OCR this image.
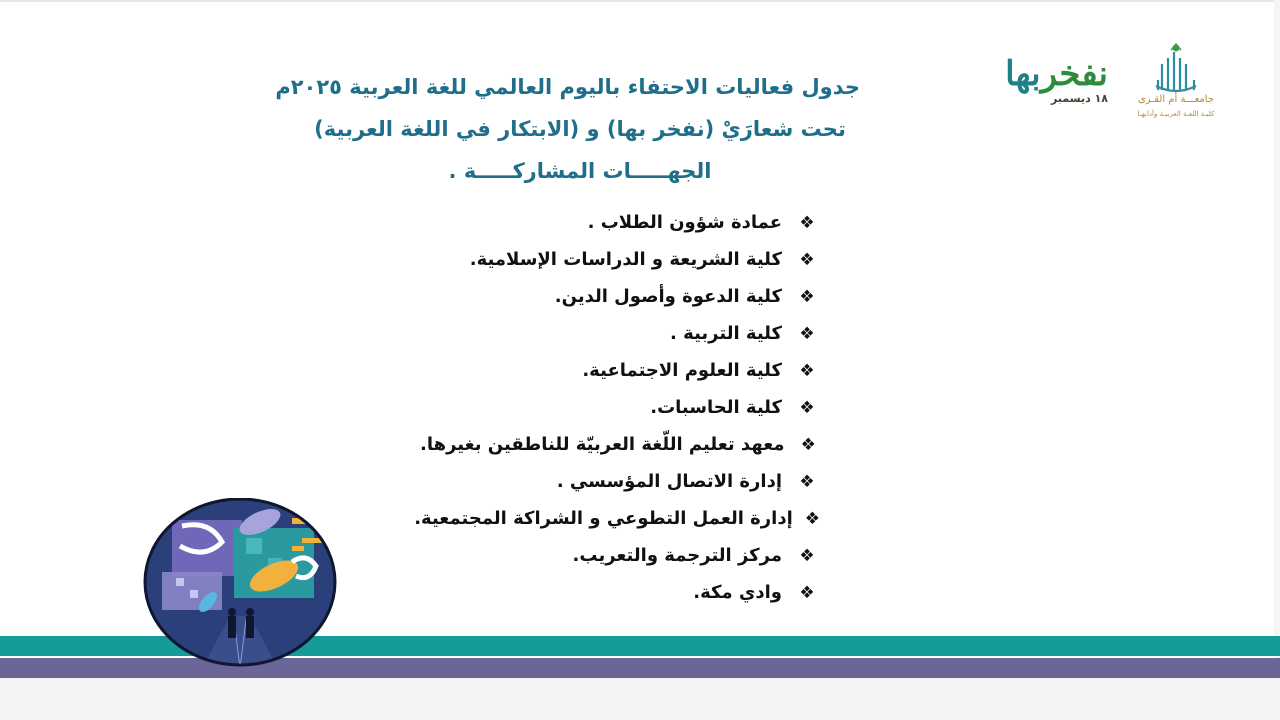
جدول فعاليات الاحتفاء باليوم العالمي للغة العربية ٢٠٢٥م
تحت شعارَيْ (نفخر بها) و (الابتكار في اللغة العربية)
الجهـــــات المشاركـــــة .
نفخربها
١٨ ديسمبر	جامعـــة أم القـرى
كليـة اللغـة العربيـة وآدابهـا
❖
عمادة شؤون الطلاب .
❖
كلية الشريعة و الدراسات الإسلامية.
❖
كلية الدعوة وأصول الدين.
❖
كلية التربية .
❖
كلية العلوم الاجتماعية.
❖
كلية الحاسبات.
❖
معهد تعليم اللّغة العربيّة للناطقين بغيرها.
❖
إدارة الاتصال المؤسسي .
❖
إدارة العمل التطوعي و الشراكة المجتمعية.
❖
مركز الترجمة والتعريب.
❖
وادي مكة.
